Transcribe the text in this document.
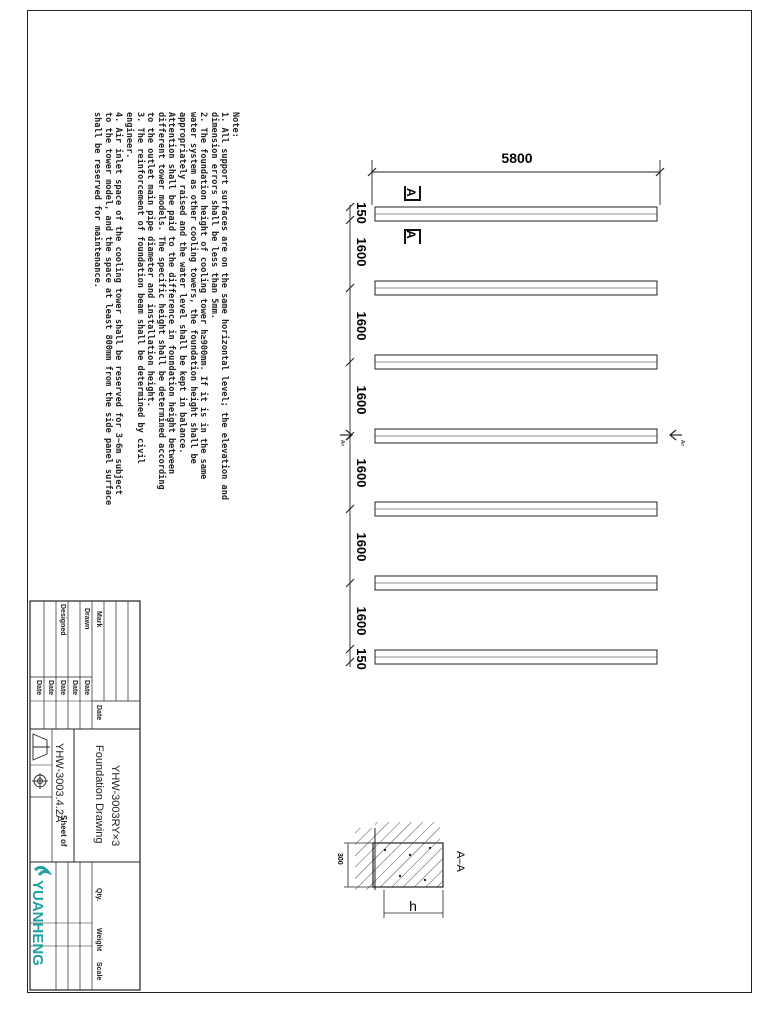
Note:
1. All support surfaces are on the same horizontal level; the elevation and
dimension errors shall be less than 5mm.
2. The foundation height of cooling tower h≥900mm. If it is in the same
water system as other cooling towers, the foundation height shall be
appropriately raised and the water level shall be kept in balance.
Attention shall be paid to the difference in foundation height between
different tower models. The specific height shall be determined according
to the outlet main pipe diameter and installation height.
3. The reinforcement of foundation beam shall be determined by civil
engineer.
4. Air inlet space of the cooling tower shall be reserved for 3~6m subject
to the tower model, and the space at least 800mm from the side panel surface
shall be reserved for maintenance.	5800
150
1600
1600
1600
1600
1600
1600
150
A
A
Air	Air
300
h
A–A
Mark
Date
Drawn
Designed
Date
Date
Date
Date
Date
YHW-3003RY×3
Foundation Drawing
YHW-3003.4.2A
Sheet of
Qty.
Weight
Scale
YUANHENG
